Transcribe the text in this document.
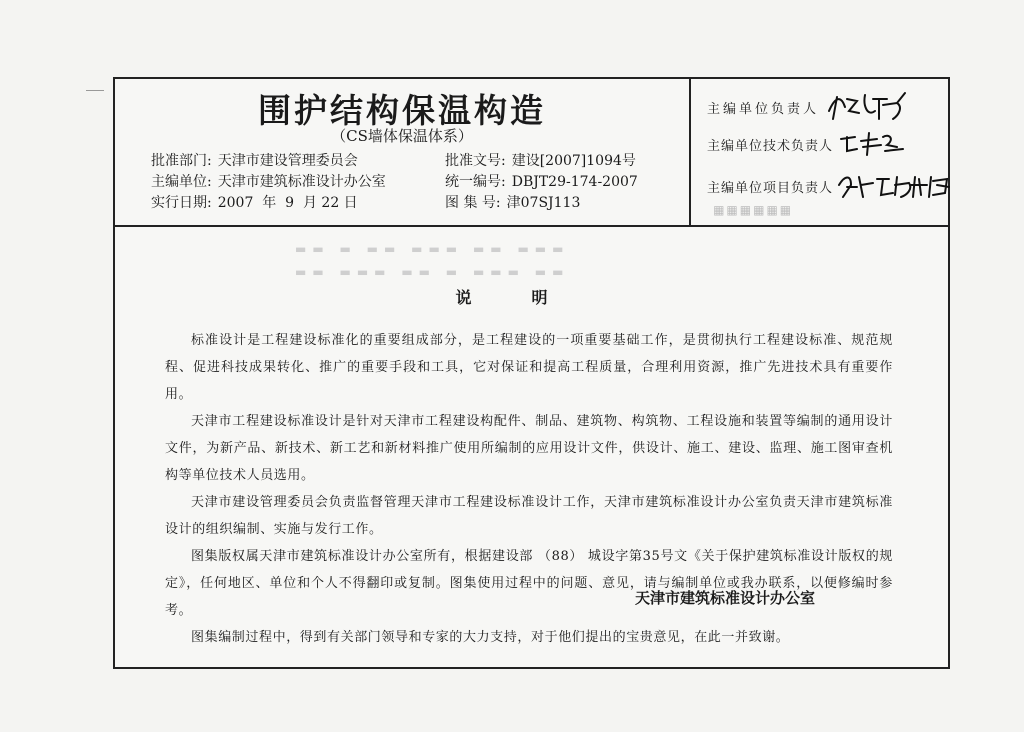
围护结构保温构造
（CS墙体保温体系）
批准部门: 天津市建设管理委员会	批准文号: 建设[2007]1094号
主编单位: 天津市建筑标准设计办公室	统一编号: DBJT29-174-2007
实行日期: 2007  年  9  月 22 日	图 集 号: 津07SJ113
主编单位负责人
主编单位技术负责人
主编单位项目负责人
▦▦▦▦▦▦
▬▬ ▬ ▬▬ ▬▬▬ ▬▬ ▬▬▬
▬▬ ▬▬▬ ▬▬ ▬ ▬▬▬ ▬▬
说明

标准设计是工程建设标准化的重要组成部分，是工程建设的一项重要基础工作，是贯彻执行工程建设标准、规范规程、促进科技成果转化、推广的重要手段和工具，它对保证和提高工程质量，合理利用资源，推广先进技术具有重要作用。

天津市工程建设标准设计是针对天津市工程建设构配件、制品、建筑物、构筑物、工程设施和装置等编制的通用设计文件，为新产品、新技术、新工艺和新材料推广使用所编制的应用设计文件，供设计、施工、建设、监理、施工图审查机构等单位技术人员选用。

天津市建设管理委员会负责监督管理天津市工程建设标准设计工作，天津市建筑标准设计办公室负责天津市建筑标准设计的组织编制、实施与发行工作。

图集版权属天津市建筑标准设计办公室所有，根据建设部 （88） 城设字第35号文《关于保护建筑标准设计版权的规定》，任何地区、单位和个人不得翻印或复制。图集使用过程中的问题、意见，请与编制单位或我办联系，以便修编时参考。

图集编制过程中，得到有关部门领导和专家的大力支持，对于他们提出的宝贵意见，在此一并致谢。

天津市建筑标准设计办公室
